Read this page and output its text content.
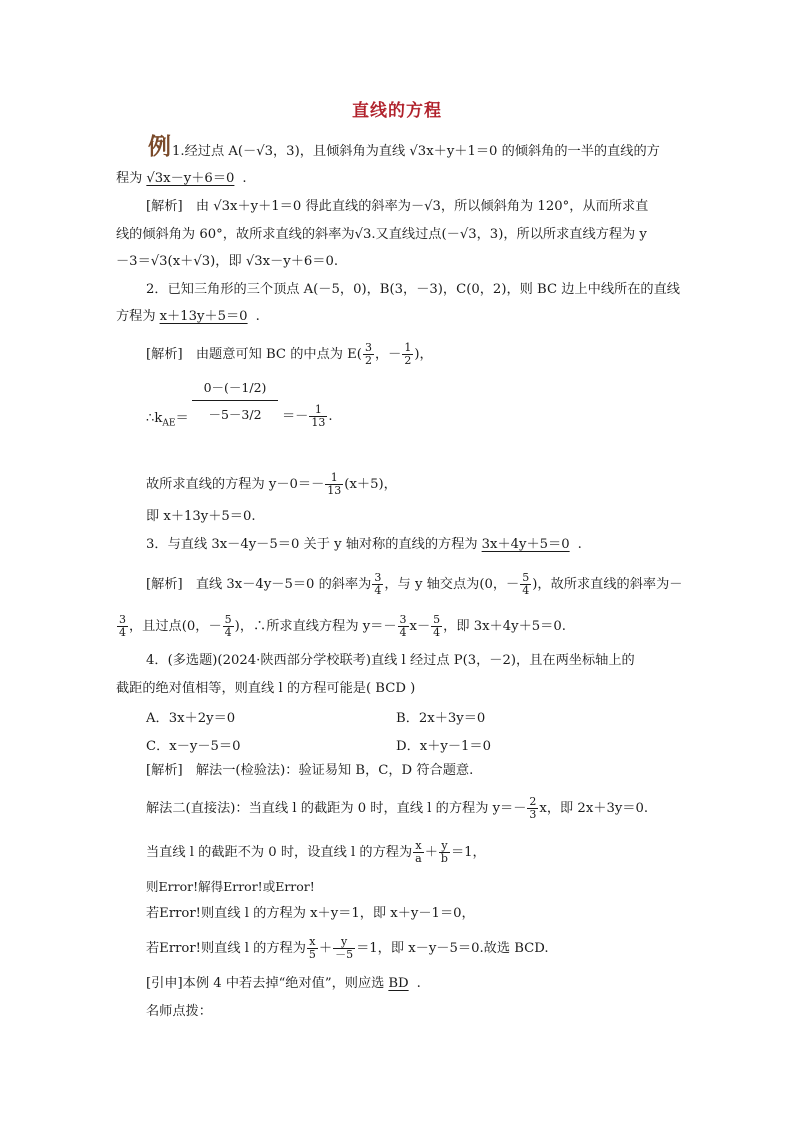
直线的方程
例 1.经过点 A(－√3，3)，且倾斜角为直线 √3x＋y＋1＝0 的倾斜角的一半的直线的方
程为 √3x－y＋6＝0 .
[解析]　由 √3x＋y＋1＝0 得此直线的斜率为－√3，所以倾斜角为 120°，从而所求直
线的倾斜角为 60°，故所求直线的斜率为√3.又直线过点(－√3，3)，所以所求直线方程为 y
－3＝√3(x＋√3)，即 √3x－y＋6＝0.
2．已知三角形的三个顶点 A(－5，0)，B(3，－3)，C(0，2)，则 BC 边上中线所在的直线
方程为 x＋13y＋5＝0 .
[解析]　由题意可知 BC 的中点为 $E( \frac{3}{2}$ ，－ $\frac{1}{2}$ )，
$\therefore k_{AE}= \frac{0-(-1/2)}{-5-3/2} =- \frac{1}{13}$ .
故所求直线的方程为 $y-0=- \frac{1}{13} (x+5)$，
即 x＋13y＋5＝0.
3．与直线 3x－4y－5＝0 关于 y 轴对称的直线的方程为 3x＋4y＋5＝0 .
[解析]　直线 3x－4y－5＝0 的斜率为 $\frac{3}{4}$ ，与 y 轴交点为(0，－ $\frac{5}{4}$ )，故所求直线的斜率为－
$\frac{3}{4}$ ，且过点(0，－ $\frac{5}{4}$ )，∴所求直线方程为 $y=- \frac{3}{4} x- \frac{5}{4}$ ，即 3x＋4y＋5＝0.
4．(多选题)(2024·陕西部分学校联考)直线 l 经过点 P(3，－2)，且在两坐标轴上的
截距的绝对值相等，则直线 l 的方程可能是( BCD )
A．3x＋2y＝0	B．2x＋3y＝0
C．x－y－5＝0	D．x＋y－1＝0
[解析]　解法一(检验法)：验证易知 B，C，D 符合题意.
解法二(直接法)：当直线 l 的截距为 0 时，直线 l 的方程为 $y=- \frac{2}{3}$ x，即 2x＋3y＝0.
当直线 l 的截距不为 0 时，设直线 l 的方程为 $\frac{x}{a} + \frac{y}{b} =1$，
则Error!解得Error!或Error!
若Error!则直线 l 的方程为 x＋y＝1，即 x＋y－1＝0，
若Error!则直线 l 的方程为 $\frac{x}{5} + \frac{y}{-5} =1$，即 x－y－5＝0.故选 BCD.
[引申]本例 4 中若去掉“绝对值”，则应选 BD .
名师点拨：
